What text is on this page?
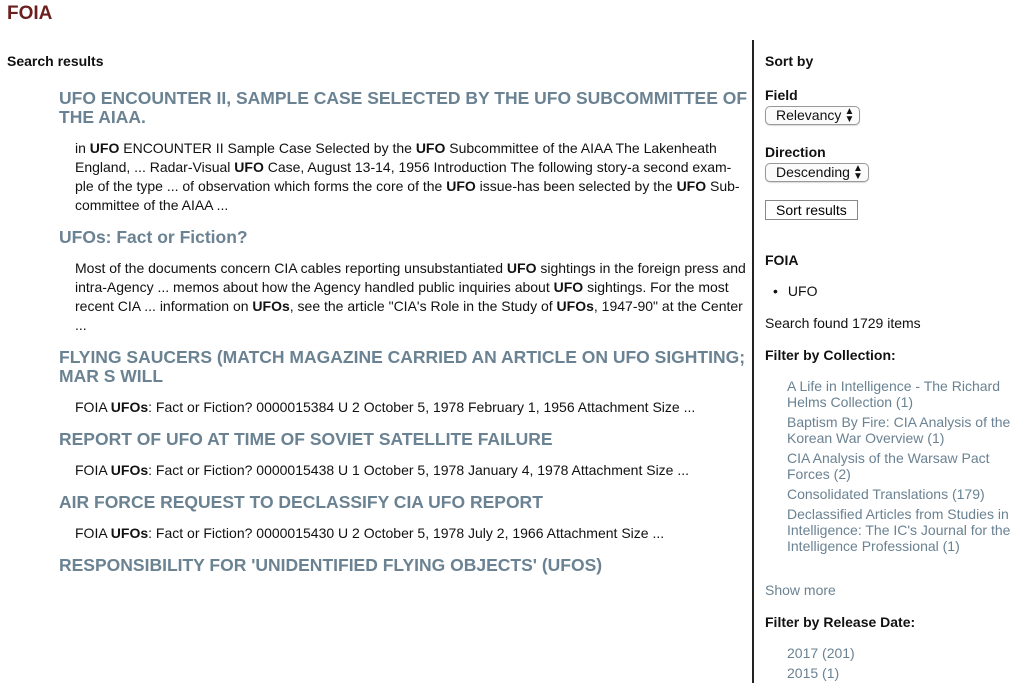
FOIA
Search results
UFO ENCOUNTER II, SAMPLE CASE SELECTED BY THE UFO SUBCOMMITTEE OF THE AIAA.

in UFO ENCOUNTER II Sample Case Selected by the UFO Subcommittee of the AIAA The Lakenheath England, ... Radar-Visual UFO Case, August 13-14, 1956 Introduction The following story-a second exam- ple of the type ... of observation which forms the core of the UFO issue-has been selected by the UFO Sub- committee of the AIAA ...

UFOs: Fact or Fiction?

Most of the documents concern CIA cables reporting unsubstantiated UFO sightings in the foreign press and intra-Agency ... memos about how the Agency handled public inquiries about UFO sightings. For the most recent CIA ... information on UFOs, see the article "CIA's Role in the Study of UFOs, 1947-90" at the Center ...

FLYING SAUCERS (MATCH MAGAZINE CARRIED AN ARTICLE ON UFO SIGHTING; MAR S WILL

FOIA UFOs: Fact or Fiction? 0000015384 U 2 October 5, 1978 February 1, 1956 Attachment Size ...

REPORT OF UFO AT TIME OF SOVIET SATELLITE FAILURE

FOIA UFOs: Fact or Fiction? 0000015438 U 1 October 5, 1978 January 4, 1978 Attachment Size ...

AIR FORCE REQUEST TO DECLASSIFY CIA UFO REPORT

FOIA UFOs: Fact or Fiction? 0000015430 U 2 October 5, 1978 July 2, 1966 Attachment Size ...

RESPONSIBILITY FOR 'UNIDENTIFIED FLYING OBJECTS' (UFOS)
Sort by
Field
Relevancy ▲
▼
Direction
Descending ▲
▼
Sort results
FOIA
• UFO
Search found 1729 items
Filter by Collection:
A Life in Intelligence - The Richard Helms Collection (1)
Baptism By Fire: CIA Analysis of the Korean War Overview (1)
CIA Analysis of the Warsaw Pact Forces (2)
Consolidated Translations (179)
Declassified Articles from Studies in Intelligence: The IC's Journal for the Intelligence Professional (1)
Show more
Filter by Release Date:
2017 (201)
2015 (1)
